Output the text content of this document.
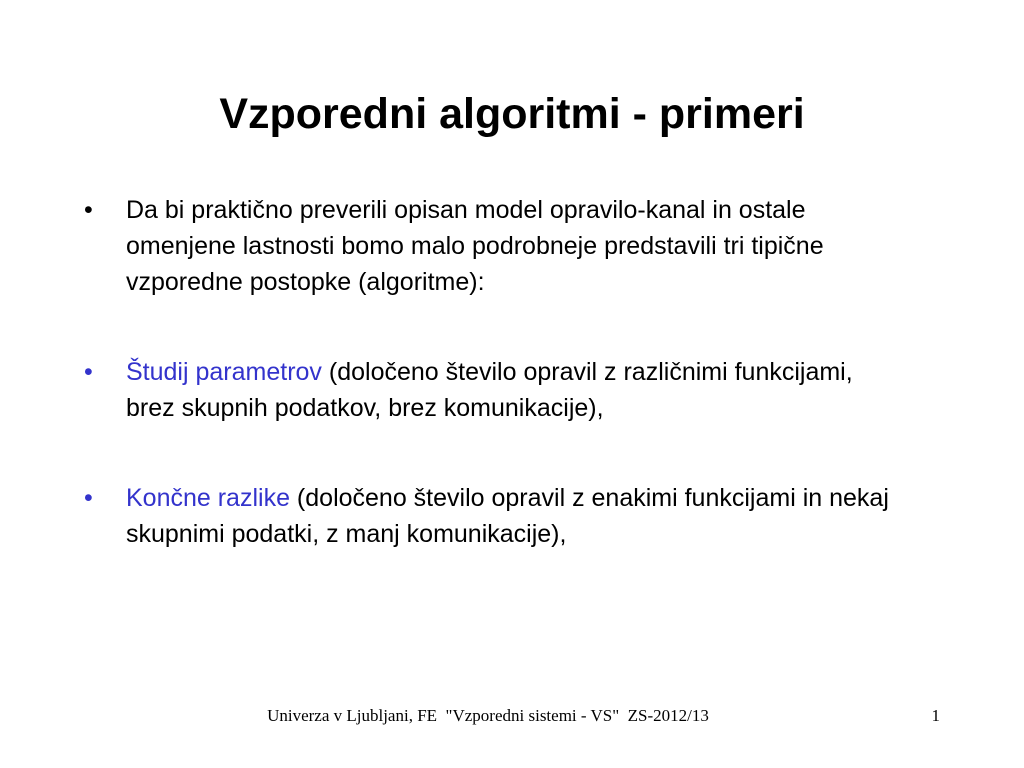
Vzporedni algoritmi - primeri
•	Da bi praktično preverili opisan model opravilo-kanal in ostale omenjene lastnosti bomo malo podrobneje predstavili tri tipične vzporedne postopke (algoritme):
•	Študij parametrov (določeno število opravil z različnimi funkcijami, brez skupnih podatkov, brez komunikacije),
•	Končne razlike (določeno število opravil z enakimi funkcijami in nekaj skupnimi podatki, z manj komunikacije),
Univerza v Ljubljani, FE  "Vzporedni sistemi - VS"  ZS-2012/13	1
